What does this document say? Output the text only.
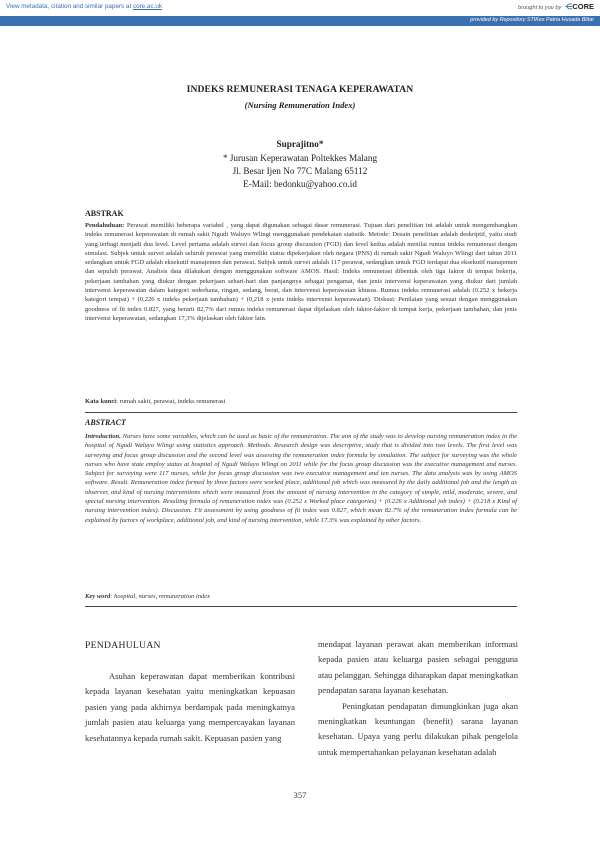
View metadata, citation and similar papers at core.ac.uk	brought to you by ⋲CORE
provided by Repository STIKes Patria Husada Blitar
INDEKS REMUNERASI TENAGA KEPERAWATAN
(Nursing Remuneration Index)
Suprajitno*
* Jurusan Keperawatan Poltekkes Malang
Jl. Besar Ijen No 77C Malang 65112
E-Mail: bedonku@yahoo.co.id
ABSTRAK
Pendahuluan: Perawat memiliki beberapa variabel , yang dapat digunakan sebagai dasar remunerasi. Tujuan dari penelitian ini adalah untuk mengembangkan indeks remunerasi keperawatan di rumah sakit Ngudi Waluyo Wlingi menggunakan pendekatan statistik. Metode: Desain penelitian adalah deskriptif, yaitu studi yang terbagi menjadi dua level. Level pertama adalah survei dan focus group discussion (FGD) dan level kedua adalah menilai rumus indeks remunerasi dengan simulasi. Subjek untuk survei adalah seluruh perawat yang memiliki status dipekerjakan oleh negara (PNS) di rumah sakit Ngudi Waluyo Wlingi dari tahun 2011 sedangkan untuk FGD adalah eksekutif manajemen dan perawat. Subjek untuk survei adalah 117 perawat, sedangkan untuk FGD terdapat dua eksekutif manajemen dan sepuluh perawat. Analisis data dilakukan dengan menggunakan software AMOS. Hasil: Indeks remunerasi dibentuk oleh tiga faktor di tempat bekerja, pekerjaan tambahan yang diukur dengan pekerjaan sehari-hari dan panjangnya sebagai pengamat, dan jenis intervensi keperawatan yang diukur dari jumlah intervensi keperawatan dalam kategori sederhana, ringan, sedang, berat, dan intervensi keperawatan khusus. Rumus indeks remunerasi adalah (0.252 x bekerja kategori tempat) + (0,226 x indeks pekerjaan tambahan) + (0,218 x jenis indeks intervensi keperawatan). Diskusi: Penilaian yang sesuai dengan menggunakan goodness of fit index 0.827, yang berarti 82,7% dari rumus indeks remunerasi dapat dijelaskan oleh faktor-faktor di tempat kerja, pekerjaan tambahan, dan jenis intervensi keperawatan, sedangkan 17,3% dijelaskan oleh faktor lain.
Kata kunci: rumah sakit, perawat, indeks remunerasi
ABSTRACT
Introduction. Nurses have some variables, which can be used as basic of the remuneration. The aim of the study was to develop nursing remuneration index in the hospital of Ngudi Waluyo Wlingi using statistics approach. Methods. Research design was descriptive, study that is divided into two levels. The first level was surveying and focus group discussion and the second level was assessing the remuneration index formula by simulation. The subject for surveying was the whole nurses who have state employ status at hospital of Ngudi Waluyo Wlingi on 2011 while for the focus group discussion was the executive management and nurses. Subject for surveying were 117 nurses, while for focus group discussion was two executive management and ten nurses. The data analysis was by using AMOS software. Result. Remuneration index formed by three factors were worked place, additional job which was measured by the daily additional job and the length as observer, and kind of nursing interventions which were measured from the amount of nursing intervention in the category of simple, mild, moderate, severe, and special nursing intervention. Resulting formula of remuneration index was (0.252 x Worked place categories) + (0.226 x Additional job index) + (0.218 x Kind of nursing intervention index). Discussion. Fit assessment by using goodness of fit index was 0.827, which mean 82.7% of the remuneration index formula can be explained by factors of workplace, additional job, and kind of nursing intervention, while 17.3% was explained by other factors.
Key word: hospital, nurses, remuneration index
PENDAHULUAN

Asuhan keperawatan dapat memberikan kontribusi kepada layanan kesehatan yaitu meningkatkan kepuasan pasien yang pada akhirnya berdampak pada meningkatnya jumlah pasien atau keluarga yang mempercayakan layanan kesehatannya kepada rumah sakit. Kepuasan pasien yang

mendapat layanan perawat akan memberikan informasi kepada pasien atau keluarga pasien sebagai pengguna atau pelanggan. Sehingga diharapkan dapat meningkatkan pendapatan sarana layanan kesehatan.

Peningkatan pendapatan dimungkinkan juga akan meningkatkan keuntungan (benefit) sarana layanan kesehatan. Upaya yang perlu dilakukan pihak pengelola untuk mempertahankan pelayanan kesehatan adalah

357
